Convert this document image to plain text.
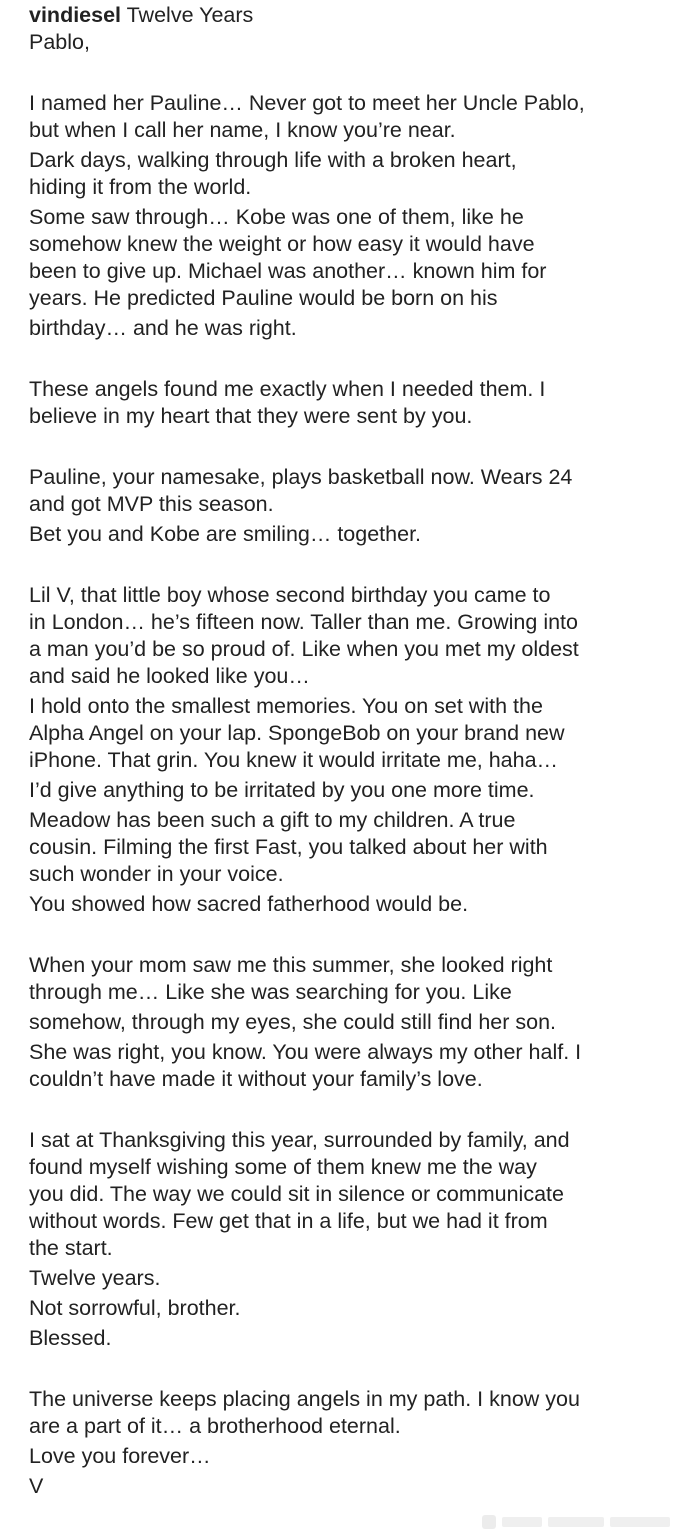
vindiesel Twelve Years
Pablo,
I named her Pauline… Never got to meet her Uncle Pablo,
but when I call her name, I know you’re near.
Dark days, walking through life with a broken heart,
hiding it from the world.
Some saw through… Kobe was one of them, like he
somehow knew the weight or how easy it would have
been to give up. Michael was another… known him for
years. He predicted Pauline would be born on his
birthday… and he was right.
These angels found me exactly when I needed them. I
believe in my heart that they were sent by you.
Pauline, your namesake, plays basketball now. Wears 24
and got MVP this season.
Bet you and Kobe are smiling… together.
Lil V, that little boy whose second birthday you came to
in London… he’s fifteen now. Taller than me. Growing into
a man you’d be so proud of. Like when you met my oldest
and said he looked like you…
I hold onto the smallest memories. You on set with the
Alpha Angel on your lap. SpongeBob on your brand new
iPhone. That grin. You knew it would irritate me, haha…
I’d give anything to be irritated by you one more time.
Meadow has been such a gift to my children. A true
cousin. Filming the first Fast, you talked about her with
such wonder in your voice.
You showed how sacred fatherhood would be.
When your mom saw me this summer, she looked right
through me… Like she was searching for you. Like
somehow, through my eyes, she could still find her son.
She was right, you know. You were always my other half. I
couldn’t have made it without your family’s love.
I sat at Thanksgiving this year, surrounded by family, and
found myself wishing some of them knew me the way
you did. The way we could sit in silence or communicate
without words. Few get that in a life, but we had it from
the start.
Twelve years.
Not sorrowful, brother.
Blessed.
The universe keeps placing angels in my path. I know you
are a part of it… a brotherhood eternal.
Love you forever…
V
